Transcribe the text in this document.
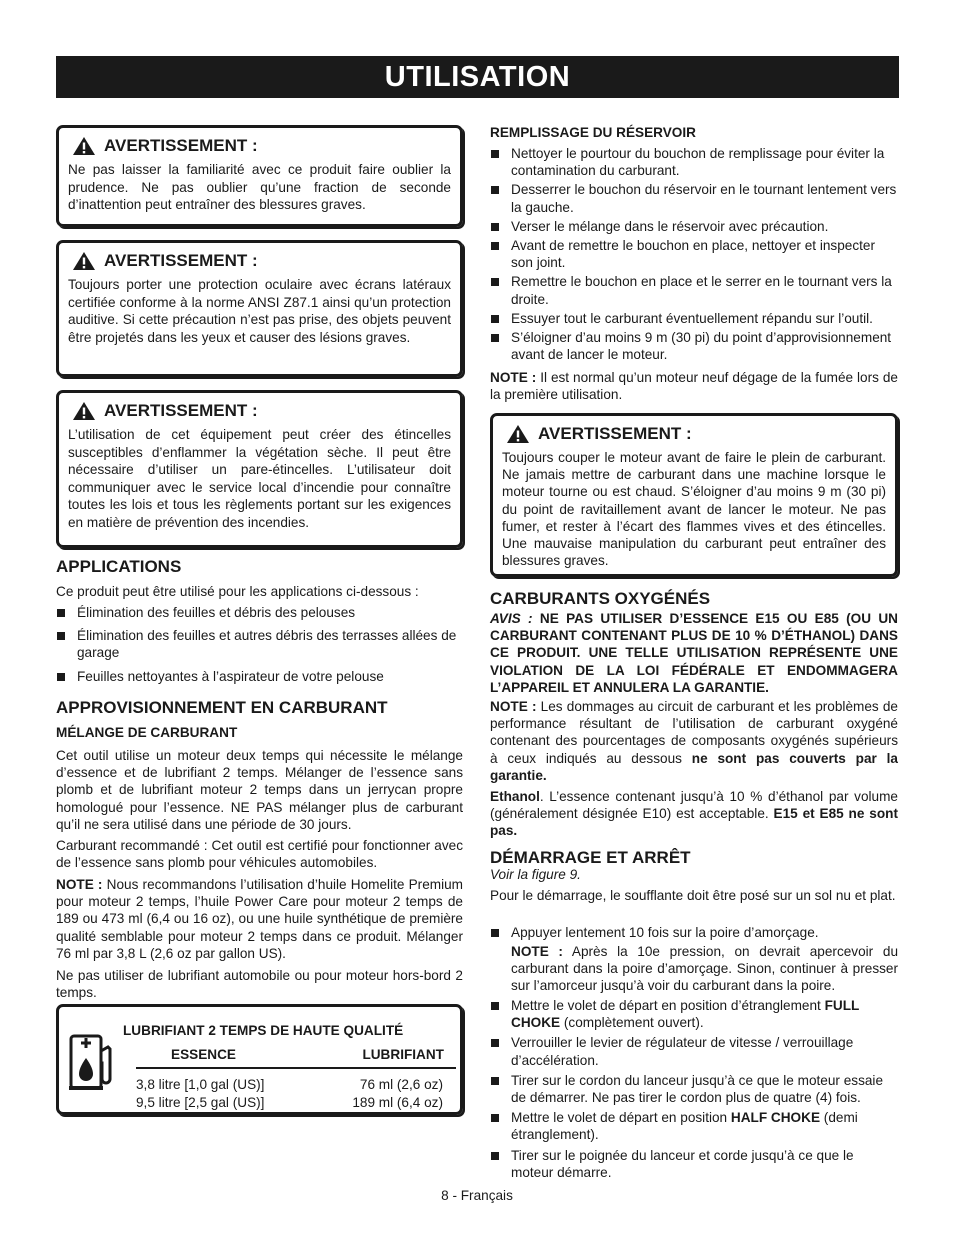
UTILISATION
AVERTISSEMENT :
Ne pas laisser la familiarité avec ce produit faire oublier la prudence. Ne pas oublier qu’une fraction de seconde d’inattention peut entraîner des blessures graves.
AVERTISSEMENT :
Toujours porter une protection oculaire avec écrans latéraux certifiée conforme à la norme ANSI Z87.1 ainsi qu’un protection auditive. Si cette précaution n’est pas prise, des objets peuvent être projetés dans les yeux et causer des lésions graves.
AVERTISSEMENT :
L’utilisation de cet équipement peut créer des étincelles susceptibles d’enflammer la végétation sèche. Il peut être nécessaire d’utiliser un pare-étincelles. L’utilisateur doit communiquer avec le service local d’incendie pour connaître toutes les lois et tous les règlements portant sur les exigences en matière de prévention des incendies.
APPLICATIONS
Ce produit peut être utilisé pour les applications ci-dessous :
Élimination des feuilles et débris des pelouses
Élimination des feuilles et autres débris des terrasses allées de garage
Feuilles nettoyantes à l’aspirateur de votre pelouse
APPROVISIONNEMENT EN CARBURANT
MÉLANGE DE CARBURANT
Cet outil utilise un moteur deux temps qui nécessite le mélange d’essence et de lubrifiant 2 temps. Mélanger de l’essence sans plomb et de lubrifiant moteur 2 temps dans un jerrycan propre homologué pour l’essence. NE PAS mélanger plus de carburant qu’il ne sera utilisé dans une période de 30 jours.
Carburant recommandé : Cet outil est certifié pour fonctionner avec de l’essence sans plomb pour véhicules automobiles.
NOTE : Nous recommandons l’utilisation d’huile Homelite Premium pour moteur 2 temps, l’huile Power Care pour moteur 2 temps de 189 ou 473 ml (6,4 ou 16 oz), ou une huile synthétique de première qualité semblable pour moteur 2 temps dans ce produit. Mélanger 76 ml par 3,8 L (2,6 oz par gallon US).
Ne pas utiliser de lubrifiant automobile ou pour moteur hors-bord 2 temps.
LUBRIFIANT 2 TEMPS DE HAUTE QUALITÉ
ESSENCE	LUBRIFIANT
3,8 litre [1,0 gal (US)]	76 ml (2,6 oz)
9,5 litre [2,5 gal (US)]	189 ml (6,4 oz)
REMPLISSAGE DU RÉSERVOIR
Nettoyer le pourtour du bouchon de remplissage pour éviter la contamination du carburant.
Desserrer le bouchon du réservoir en le tournant lentement vers la gauche.
Verser le mélange dans le réservoir avec précaution.
Avant de remettre le bouchon en place, nettoyer et inspecter son joint.
Remettre le bouchon en place et le serrer en le tournant vers la droite.
Essuyer tout le carburant éventuellement répandu sur l’outil.
S’éloigner d’au moins 9 m (30 pi) du point d’approvisionnement avant de lancer le moteur.
NOTE : Il est normal qu’un moteur neuf dégage de la fumée lors de la première utilisation.
AVERTISSEMENT :
Toujours couper le moteur avant de faire le plein de carburant. Ne jamais mettre de carburant dans une machine lorsque le moteur tourne ou est chaud. S’éloigner d’au moins 9 m (30 pi) du point de ravitaillement avant de lancer le moteur. Ne pas fumer, et rester à l’écart des flammes vives et des étincelles. Une mauvaise manipulation du carburant peut entraîner des blessures graves.
CARBURANTS OXYGÉNÉS
AVIS : NE PAS UTILISER D’ESSENCE E15 OU E85 (OU UN CARBURANT CONTENANT PLUS DE 10 % D’ÉTHANOL) DANS CE PRODUIT. UNE TELLE UTILISATION REPRÉSENTE UNE VIOLATION DE LA LOI FÉDÉRALE ET ENDOMMAGERA L’APPAREIL ET ANNULERA LA GARANTIE.
NOTE : Les dommages au circuit de carburant et les problèmes de performance résultant de l’utilisation de carburant oxygéné contenant des pourcentages de composants oxygénés supérieurs à ceux indiqués au dessous ne sont pas couverts par la garantie.
Ethanol. L’essence contenant jusqu’à 10 % d’éthanol par volume (généralement désignée E10) est acceptable. E15 et E85 ne sont pas.
DÉMARRAGE ET ARRÊT
Voir la figure 9.
Pour le démarrage, le soufflante doit être posé sur un sol nu et plat.
Appuyer lentement 10 fois sur la poire d’amorçage.
NOTE : Après la 10e pression, on devrait apercevoir du carburant dans la poire d’amorçage. Sinon, continuer à presser sur l’amorceur jusqu’à voir du carburant dans la poire.
Mettre le volet de départ en position d’étranglement FULL CHOKE (complètement ouvert).
Verrouiller le levier de régulateur de vitesse / verrouillage d’accélération.
Tirer sur le cordon du lanceur jusqu’à ce que le moteur essaie de démarrer. Ne pas tirer le cordon plus de quatre (4) fois.
Mettre le volet de départ en position HALF CHOKE (demi étranglement).
Tirer sur le poignée du lanceur et corde jusqu’à ce que le moteur démarre.
8 - Français
